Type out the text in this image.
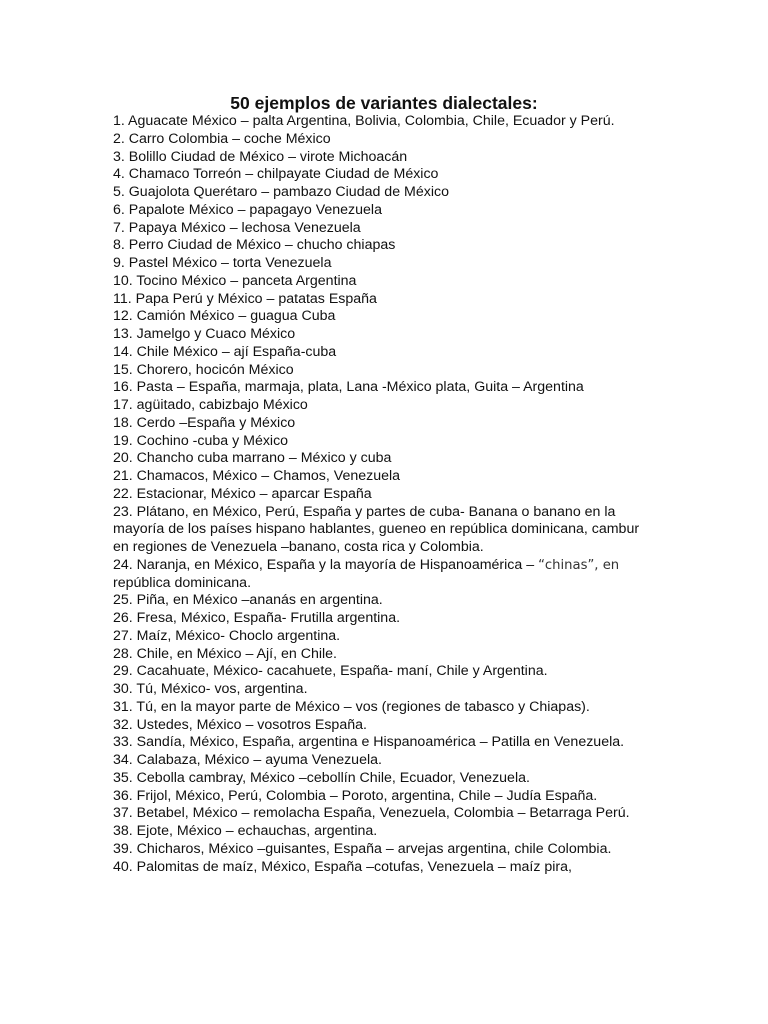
50 ejemplos de variantes dialectales:
1. Aguacate México – palta Argentina, Bolivia, Colombia, Chile, Ecuador y Perú.
2. Carro Colombia – coche México
3. Bolillo Ciudad de México – virote Michoacán
4. Chamaco Torreón – chilpayate Ciudad de México
5. Guajolota Querétaro – pambazo Ciudad de México
6. Papalote México – papagayo Venezuela
7. Papaya México – lechosa Venezuela
8. Perro Ciudad de México – chucho chiapas
9. Pastel México – torta Venezuela
10. Tocino México – panceta Argentina
11. Papa Perú y México – patatas España
12. Camión México – guagua Cuba
13. Jamelgo y Cuaco México
14. Chile México – ají España-cuba
15. Chorero, hocicón México
16. Pasta – España, marmaja, plata, Lana -México plata, Guita – Argentina
17. agüitado, cabizbajo México
18. Cerdo –España y México
19. Cochino -cuba y México
20. Chancho cuba marrano – México y cuba
21. Chamacos, México – Chamos, Venezuela
22. Estacionar, México – aparcar España
23. Plátano, en México, Perú, España y partes de cuba- Banana o banano en la mayoría de los países hispano hablantes, gueneo en república dominicana, cambur en regiones de Venezuela –banano, costa rica y Colombia.
24. Naranja, en México, España y la mayoría de Hispanoamérica – “chinas”, en república dominicana.
25. Piña, en México –ananás en argentina.
26. Fresa, México, España- Frutilla argentina.
27. Maíz, México- Choclo argentina.
28. Chile, en México – Ají, en Chile.
29. Cacahuate, México- cacahuete, España- maní, Chile y Argentina.
30. Tú, México- vos, argentina.
31. Tú, en la mayor parte de México – vos (regiones de tabasco y Chiapas).
32. Ustedes, México – vosotros España.
33. Sandía, México, España, argentina e Hispanoamérica – Patilla en Venezuela.
34. Calabaza, México – ayuma Venezuela.
35. Cebolla cambray, México –cebollín Chile, Ecuador, Venezuela.
36. Frijol, México, Perú, Colombia – Poroto, argentina, Chile – Judía España.
37. Betabel, México – remolacha España, Venezuela, Colombia – Betarraga Perú.
38. Ejote, México – echauchas, argentina.
39. Chicharos, México –guisantes, España – arvejas argentina, chile Colombia.
40. Palomitas de maíz, México, España –cotufas, Venezuela – maíz pira,
